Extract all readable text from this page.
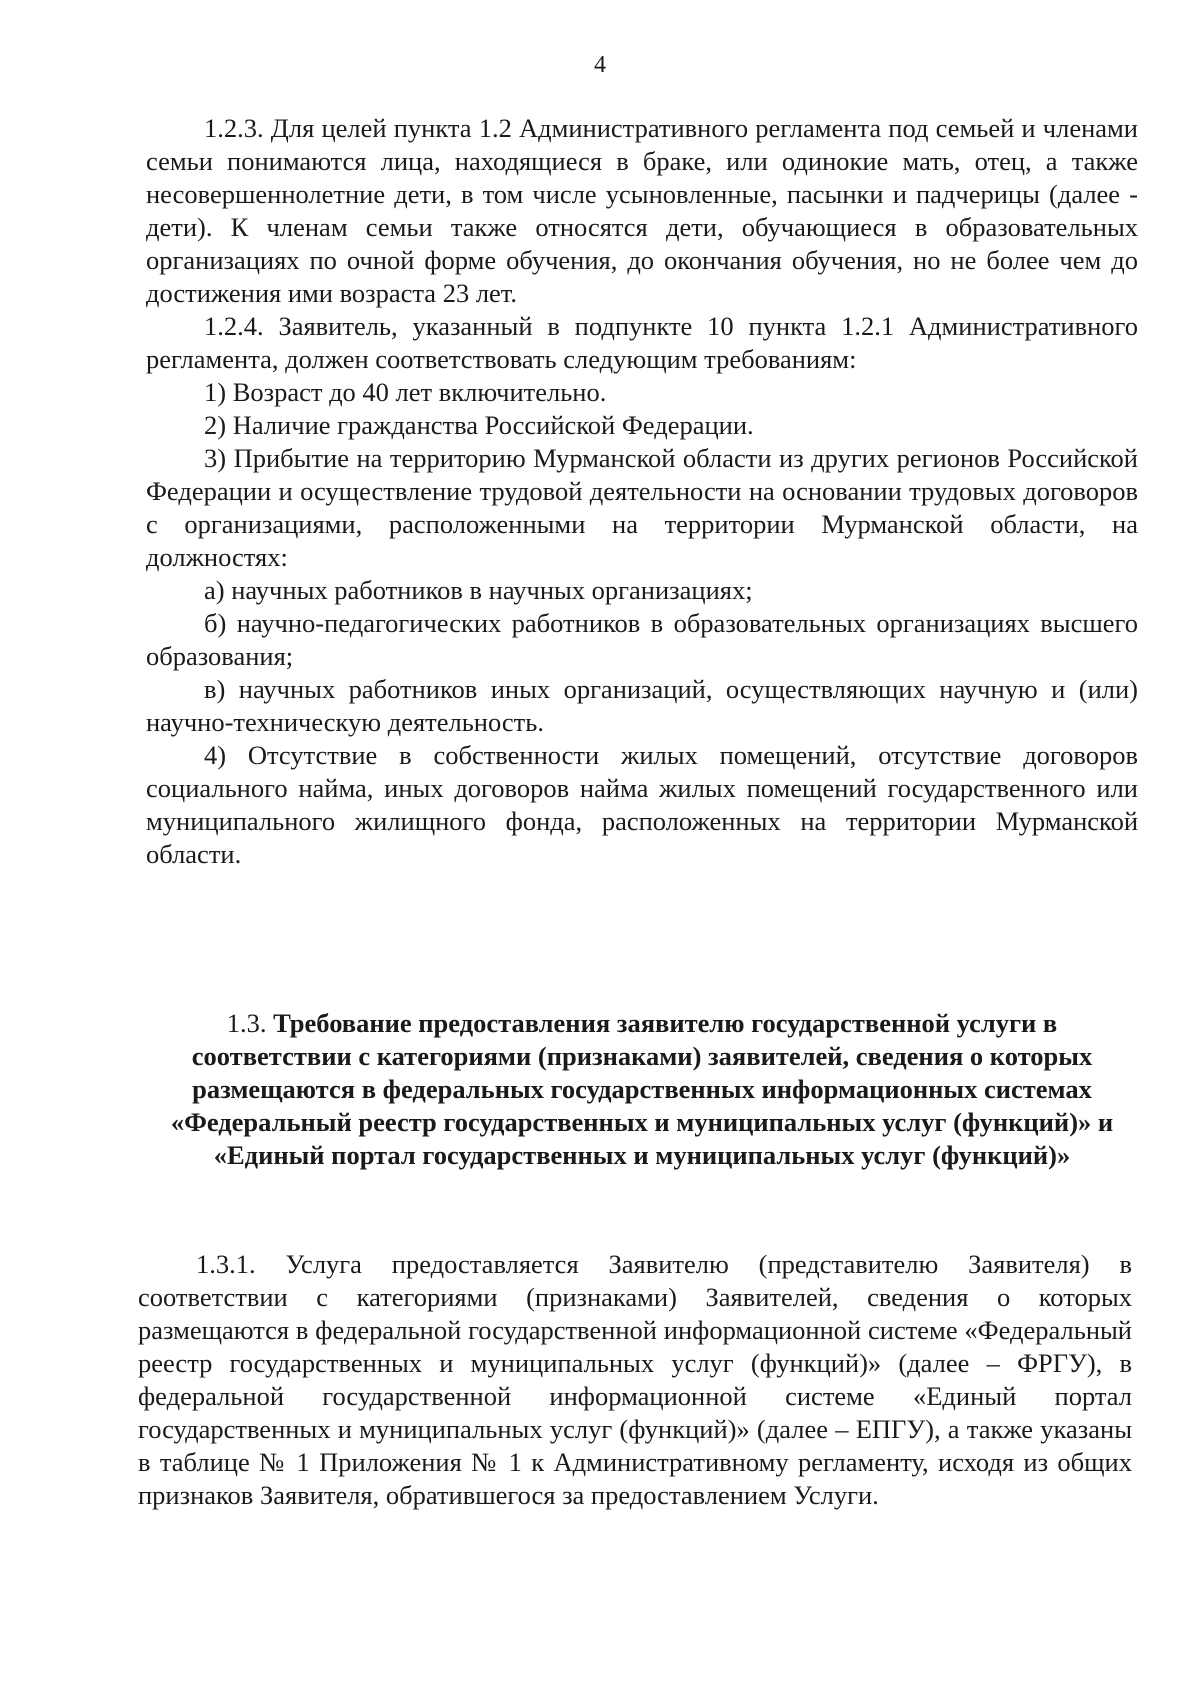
4

1.2.3. Для целей пункта 1.2 Административного регламента под семьей и членами семьи понимаются лица, находящиеся в браке, или одинокие мать, отец, а также несовершеннолетние дети, в том числе усыновленные, пасынки и падчерицы (далее - дети). К членам семьи также относятся дети, обучающиеся в образовательных организациях по очной форме обучения, до окончания обучения, но не более чем до достижения ими возраста 23 лет.

1.2.4. Заявитель, указанный в подпункте 10 пункта 1.2.1 Административного регламента, должен соответствовать следующим требованиям:

1) Возраст до 40 лет включительно.

2) Наличие гражданства Российской Федерации.

3) Прибытие на территорию Мурманской области из других регионов Российской Федерации и осуществление трудовой деятельности на основании трудовых договоров с организациями, расположенными на территории Мурманской области, на должностях:

а) научных работников в научных организациях;

б) научно-педагогических работников в образовательных организациях высшего образования;

в) научных работников иных организаций, осуществляющих научную и (или) научно-техническую деятельность.

4) Отсутствие в собственности жилых помещений, отсутствие договоров социального найма, иных договоров найма жилых помещений государственного или муниципального жилищного фонда, расположенных на территории Мурманской области.

1.3. Требование предоставления заявителю государственной услуги в соответствии с категориями (признаками) заявителей, сведения о которых размещаются в федеральных государственных информационных системах «Федеральный реестр государственных и муниципальных услуг (функций)» и «Единый портал государственных и муниципальных услуг (функций)»

1.3.1. Услуга предоставляется Заявителю (представителю Заявителя) в соответствии с категориями (признаками) Заявителей, сведения о которых размещаются в федеральной государственной информационной системе «Федеральный реестр государственных и муниципальных услуг (функций)» (далее – ФРГУ), в федеральной государственной информационной системе «Единый портал государственных и муниципальных услуг (функций)» (далее – ЕПГУ), а также указаны в таблице № 1 Приложения № 1 к Административному регламенту, исходя из общих признаков Заявителя, обратившегося за предоставлением Услуги.
